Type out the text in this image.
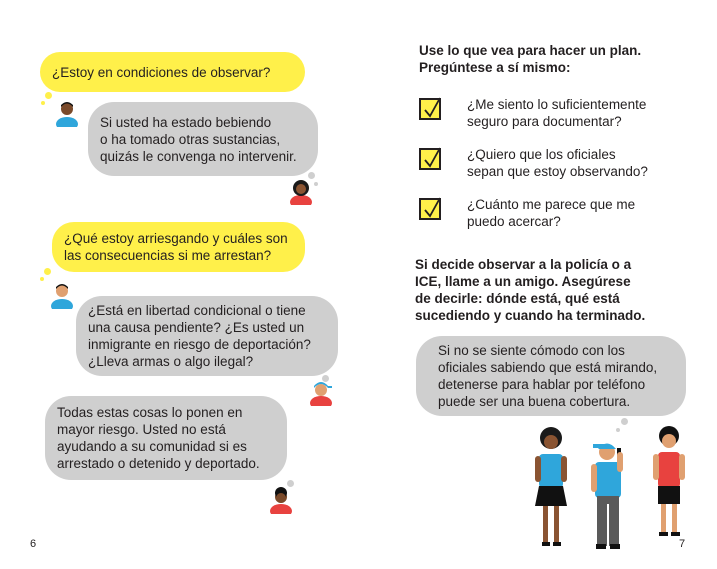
¿Estoy en condiciones de observar?
Si usted ha estado bebiendo
o ha tomado otras sustancias,
quizás le convenga no intervenir.
¿Qué estoy arriesgando y cuáles son las consecuencias si me arrestan?
¿Está en libertad condicional o tiene
una causa pendiente? ¿Es usted un
inmigrante en riesgo de deportación?
¿Lleva armas o algo ilegal?
Todas estas cosas lo ponen en
mayor riesgo. Usted no está
ayudando a su comunidad si es
arrestado o detenido y deportado.
6
Use lo que vea para hacer un plan.
Pregúntese a sí mismo:
¿Me siento lo suficientemente
seguro para documentar?
¿Quiero que los oficiales
sepan que estoy observando?
¿Cuánto me parece que me
puedo acercar?
Si decide observar a la policía o a
ICE, llame a un amigo. Asegúrese
de decirle: dónde está, qué está
sucediendo y cuando ha terminado.
Si no se siente cómodo con los
oficiales sabiendo que está mirando,
detenerse para hablar por teléfono
puede ser una buena cobertura.
7
